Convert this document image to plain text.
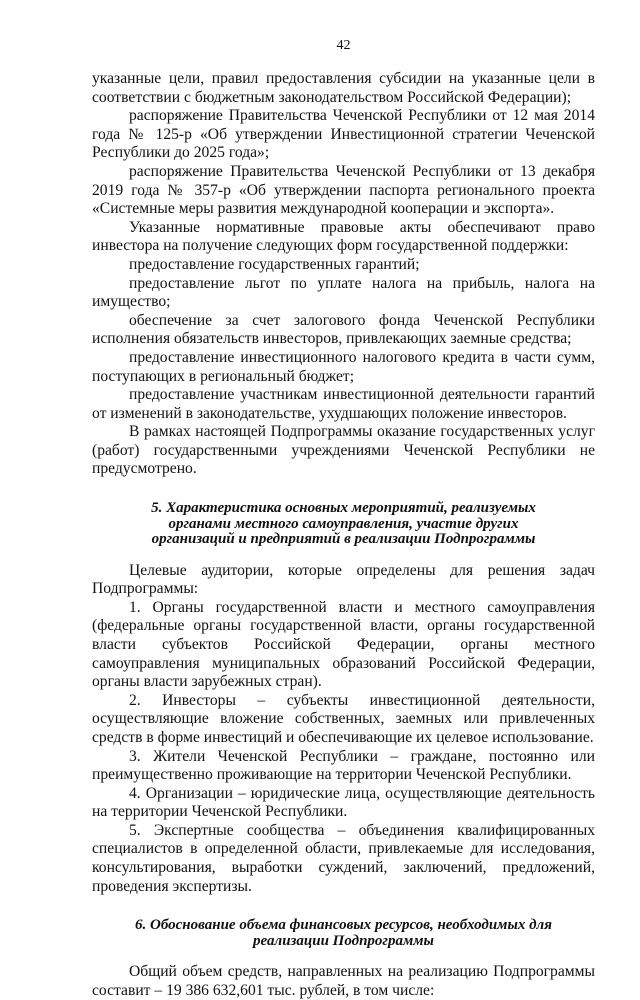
42

указанные цели, правил предоставления субсидии на указанные цели в соответствии с бюджетным законодательством Российской Федерации);

распоряжение Правительства Чеченской Республики от 12 мая 2014 года № 125-р «Об утверждении Инвестиционной стратегии Чеченской Республики до 2025 года»;

распоряжение Правительства Чеченской Республики от 13 декабря 2019 года № 357-р «Об утверждении паспорта регионального проекта «Системные меры развития международной кооперации и экспорта».

Указанные нормативные правовые акты обеспечивают право инвестора на получение следующих форм государственной поддержки:

предоставление государственных гарантий;

предоставление льгот по уплате налога на прибыль, налога на имущество;

обеспечение за счет залогового фонда Чеченской Республики исполнения обязательств инвесторов, привлекающих заемные средства;

предоставление инвестиционного налогового кредита в части сумм, поступающих в региональный бюджет;

предоставление участникам инвестиционной деятельности гарантий от изменений в законодательстве, ухудшающих положение инвесторов.

В рамках настоящей Подпрограммы оказание государственных услуг (работ) государственными учреждениями Чеченской Республики не предусмотрено.

5. Характеристика основных мероприятий, реализуемых
органами местного самоуправления, участие других
организаций и предприятий в реализации Подпрограммы

Целевые аудитории, которые определены для решения задач Подпрограммы:

1. Органы государственной власти и местного самоуправления (федеральные органы государственной власти, органы государственной власти субъектов Российской Федерации, органы местного самоуправления муниципальных образований Российской Федерации, органы власти зарубежных стран).

2. Инвесторы – субъекты инвестиционной деятельности, осуществляющие вложение собственных, заемных или привлеченных средств в форме инвестиций и обеспечивающие их целевое использование.

3. Жители Чеченской Республики – граждане, постоянно или преимущественно проживающие на территории Чеченской Республики.

4. Организации – юридические лица, осуществляющие деятельность на территории Чеченской Республики.

5. Экспертные сообщества – объединения квалифицированных специалистов в определенной области, привлекаемые для исследования, консультирования, выработки суждений, заключений, предложений, проведения экспертизы.

6. Обоснование объема финансовых ресурсов, необходимых для
реализации Подпрограммы

Общий объем средств, направленных на реализацию Подпрограммы составит – 19 386 632,601 тыс. рублей, в том числе:
